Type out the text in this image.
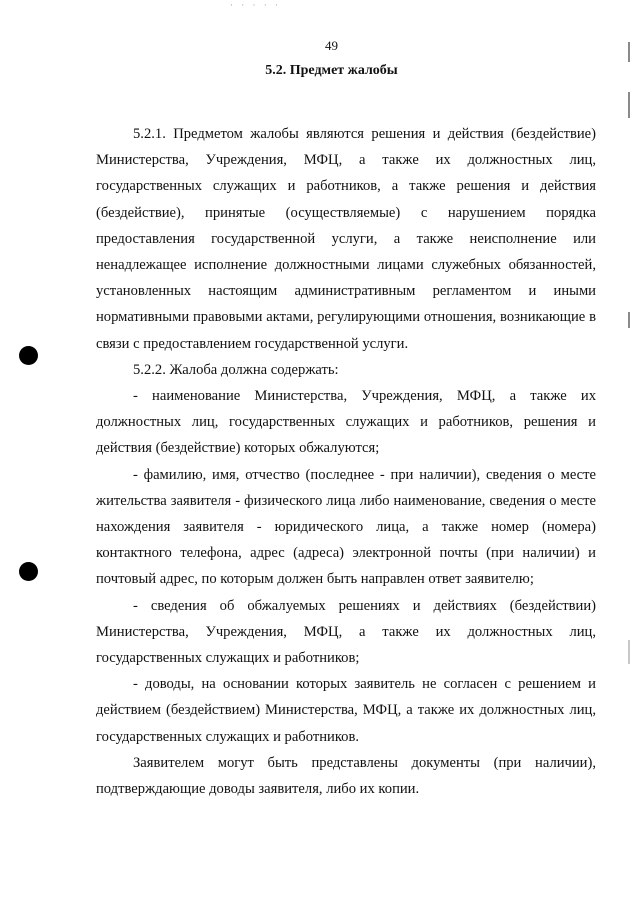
· · · · ·
49
5.2. Предмет жалобы

5.2.1. Предметом жалобы являются решения и действия (бездействие) Министерства, Учреждения, МФЦ, а также их должностных лиц, государственных служащих и работников, а также решения и действия (бездействие), принятые (осуществляемые) с нарушением порядка предоставления государственной услуги, а также неисполнение или ненадлежащее исполнение должностными лицами служебных обязанностей, установленных настоящим административным регламентом и иными нормативными правовыми актами, регулирующими отношения, возникающие в связи с предоставлением государственной услуги.

5.2.2. Жалоба должна содержать:

- наименование Министерства, Учреждения, МФЦ, а также их должностных лиц, государственных служащих и работников, решения и действия (бездействие) которых обжалуются;

- фамилию, имя, отчество (последнее - при наличии), сведения о месте жительства заявителя - физического лица либо наименование, сведения о месте нахождения заявителя - юридического лица, а также номер (номера) контактного телефона, адрес (адреса) электронной почты (при наличии) и почтовый адрес, по которым должен быть направлен ответ заявителю;

- сведения об обжалуемых решениях и действиях (бездействии) Министерства, Учреждения, МФЦ, а также их должностных лиц, государственных служащих и работников;

- доводы, на основании которых заявитель не согласен с решением и действием (бездействием) Министерства, МФЦ, а также их должностных лиц, государственных служащих и работников.

Заявителем могут быть представлены документы (при наличии), подтверждающие доводы заявителя, либо их копии.
